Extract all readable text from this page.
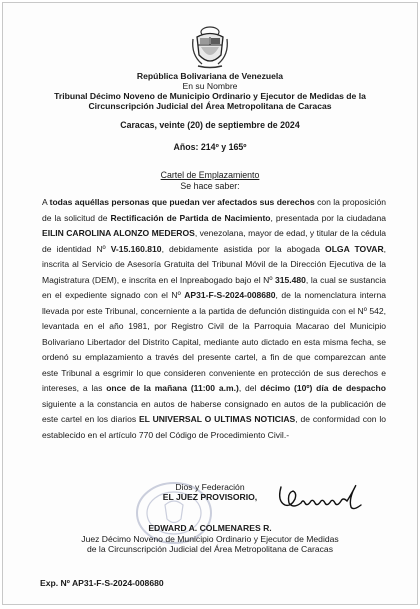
República Bolivariana de Venezuela
En su Nombre
Tribunal Décimo Noveno de Municipio Ordinario y Ejecutor de Medidas de la
Circunscripción Judicial del Área Metropolitana de Caracas
Caracas, veinte (20) de septiembre de 2024
Años: 214º y 165º
Cartel de Emplazamiento
Se hace saber:
A todas aquéllas personas que puedan ver afectados sus derechos con la proposición de la solicitud de Rectificación de Partida de Nacimiento, presentada por la ciudadana EILIN CAROLINA ALONZO MEDEROS, venezolana, mayor de edad, y titular de la cédula de identidad Nº V-15.160.810, debidamente asistida por la abogada OLGA TOVAR, inscrita al Servicio de Asesoría Gratuita del Tribunal Móvil de la Dirección Ejecutiva de la Magistratura (DEM), e inscrita en el Inpreabogado bajo el Nº 315.480, la cual se sustancia en el expediente signado con el Nº AP31-F-S-2024-008680, de la nomenclatura interna llevada por este Tribunal, concerniente a la partida de defunción distinguida con el Nº 542, levantada en el año 1981, por Registro Civil de la Parroquia Macarao del Municipio Bolivariano Libertador del Distrito Capital, mediante auto dictado en esta misma fecha, se ordenó su emplazamiento a través del presente cartel, a fin de que comparezcan ante este Tribunal a esgrimir lo que consideren conveniente en protección de sus derechos e intereses, a las once de la mañana (11:00 a.m.), del décimo (10º) día de despacho siguiente a la constancia en autos de haberse consignado en autos de la publicación de este cartel en los diarios EL UNIVERSAL O ULTIMAS NOTICIAS, de conformidad con lo establecido en el artículo 770 del Código de Procedimiento Civil.-
Dios y Federación
EL JUEZ PROVISORIO,
EDWARD A. COLMENARES R.
Juez Décimo Noveno de Municipio Ordinario y Ejecutor de Medidas
de la Circunscripción Judicial del Área Metropolitana de Caracas
Exp. Nº AP31-F-S-2024-008680
